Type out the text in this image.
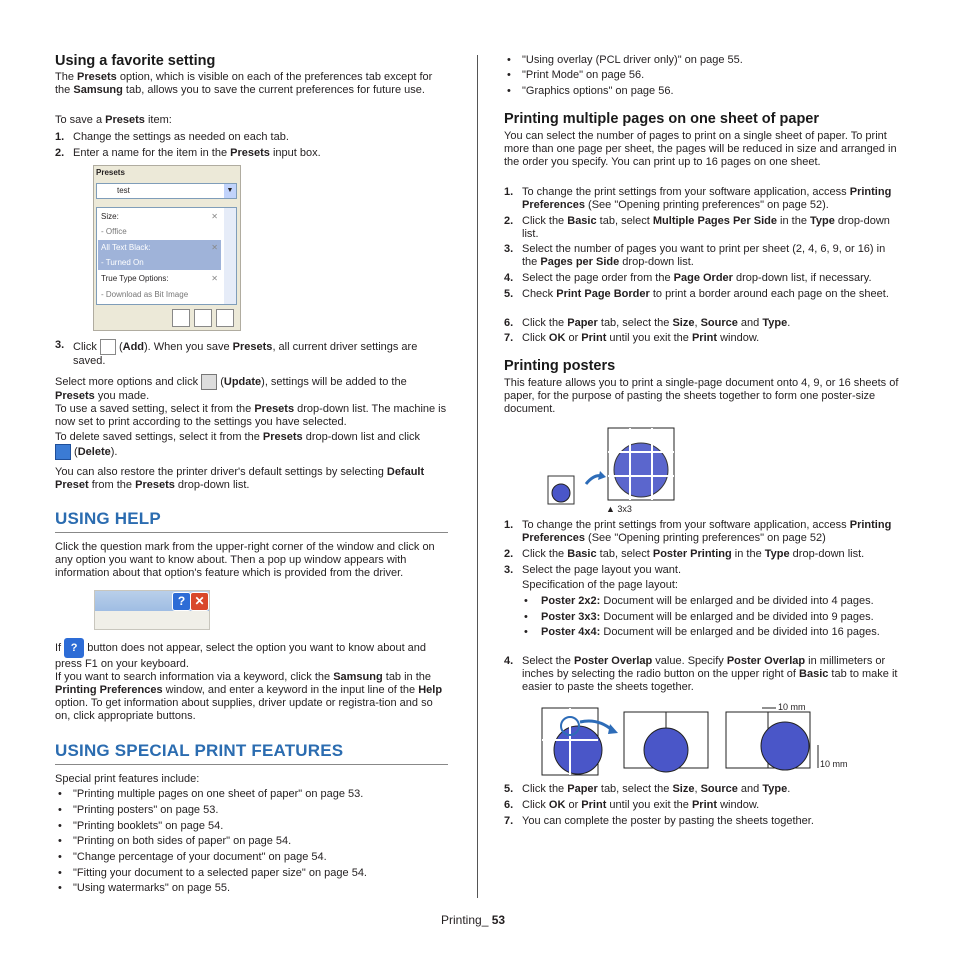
Using a favorite setting
The Presets option, which is visible on each of the preferences tab except for the Samsung tab, allows you to save the current preferences for future use.
To save a Presets item:
1. Change the settings as needed on each tab.
2. Enter a name for the item in the Presets input box.
Presets
test	▼
Size:	✕
- Office
All Text Black:	✕
- Turned On
True Type Options:	✕
- Download as Bit Image
3. Click  (Add). When you save Presets, all current driver settings are saved.
Select more options and click  (Update), settings will be added to the Presets you made.
To use a saved setting, select it from the Presets drop-down list. The machine is now set to print according to the settings you have selected.
To delete saved settings, select it from the Presets drop-down list and click
(Delete).
You can also restore the printer driver's default settings by selecting Default Preset from the Presets drop-down list.
USING HELP
Click the question mark from the upper-right corner of the window and click on any option you want to know about. Then a pop up window appears with information about that option's feature which is provided from the driver.
? ✕
If ? button does not appear, select the option you want to know about and press F1 on your keyboard.
If you want to search information via a keyword, click the Samsung tab in the Printing Preferences window, and enter a keyword in the input line of the Help option. To get information about supplies, driver update or registra-tion and so on, click appropriate buttons.
USING SPECIAL PRINT FEATURES
Special print features include:
• "Printing multiple pages on one sheet of paper" on page 53.
• "Printing posters" on page 53.
• "Printing booklets" on page 54.
• "Printing on both sides of paper" on page 54.
• "Change percentage of your document" on page 54.
• "Fitting your document to a selected paper size" on page 54.
• "Using watermarks" on page 55.
• "Using overlay (PCL driver only)" on page 55.
• "Print Mode" on page 56.
• "Graphics options" on page 56.
Printing multiple pages on one sheet of paper
You can select the number of pages to print on a single sheet of paper. To print more than one page per sheet, the pages will be reduced in size and arranged in the order you specify. You can print up to 16 pages on one sheet.
1. To change the print settings from your software application, access Printing Preferences (See "Opening printing preferences" on page 52).
2. Click the Basic tab, select Multiple Pages Per Side in the Type drop-down list.
3. Select the number of pages you want to print per sheet (2, 4, 6, 9, or 16) in the Pages per Side drop-down list.
4. Select the page order from the Page Order drop-down list, if necessary.
5. Check Print Page Border to print a border around each page on the sheet.
6. Click the Paper tab, select the Size, Source and Type.
7. Click OK or Print until you exit the Print window.
Printing posters
This feature allows you to print a single-page document onto 4, 9, or 16 sheets of paper, for the purpose of pasting the sheets together to form one poster-size document.
▲ 3x3
1. To change the print settings from your software application, access Printing Preferences (See "Opening printing preferences" on page 52)
2. Click the Basic tab, select Poster Printing in the Type drop-down list.
3. Select the page layout you want.
Specification of the page layout:
• Poster 2x2: Document will be enlarged and be divided into 4 pages.
• Poster 3x3: Document will be enlarged and be divided into 9 pages.
• Poster 4x4: Document will be enlarged and be divided into 16 pages.
4. Select the Poster Overlap value. Specify Poster Overlap in millimeters or inches by selecting the radio button on the upper right of Basic tab to make it easier to paste the sheets together.
10 mm
10 mm
5. Click the Paper tab, select the Size, Source and Type.
6. Click OK or Print until you exit the Print window.
7. You can complete the poster by pasting the sheets together.
Printing_ 53
